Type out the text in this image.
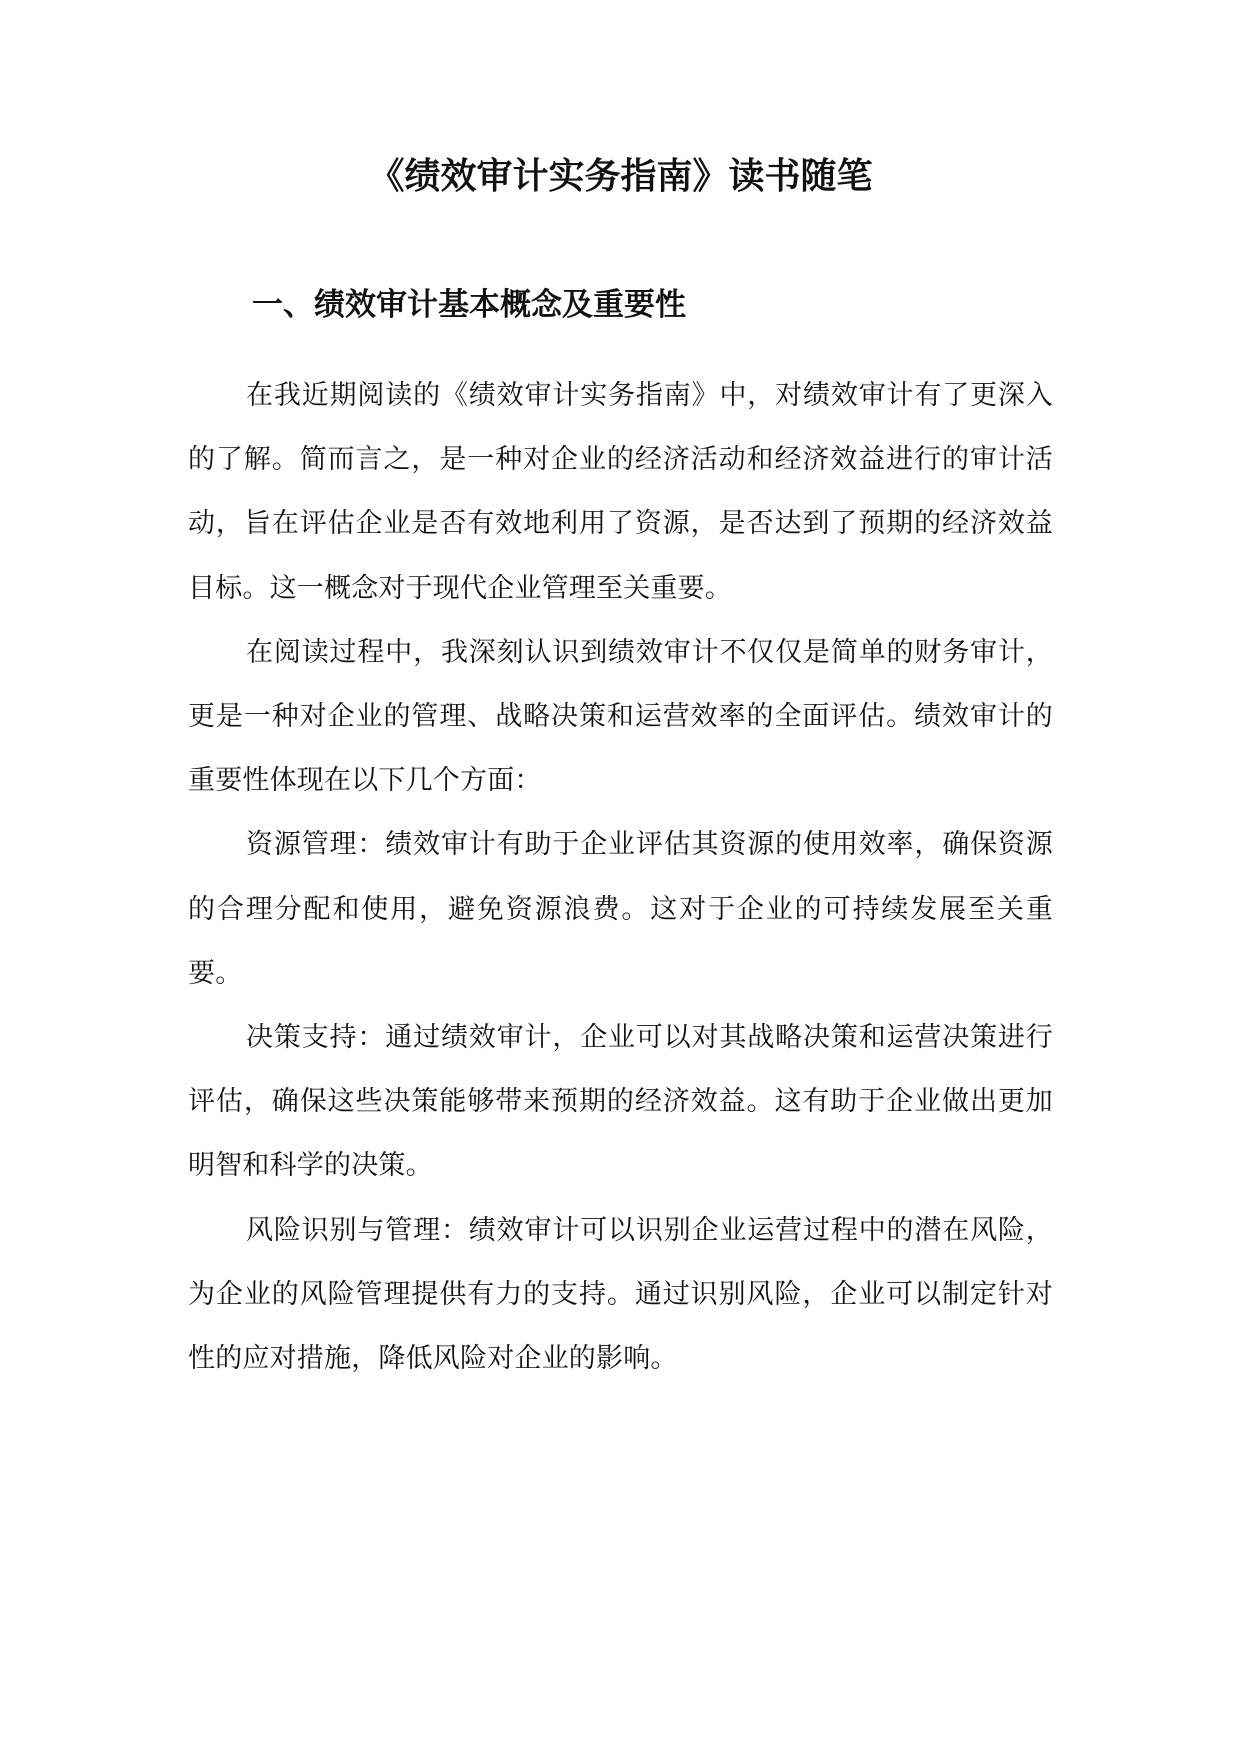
《绩效审计实务指南》读书随笔
一、绩效审计基本概念及重要性

在我近期阅读的《绩效审计实务指南》中，对绩效审计有了更深入的了解。简而言之，是一种对企业的经济活动和经济效益进行的审计活动，旨在评估企业是否有效地利用了资源，是否达到了预期的经济效益目标。这一概念对于现代企业管理至关重要。

在阅读过程中，我深刻认识到绩效审计不仅仅是简单的财务审计，更是一种对企业的管理、战略决策和运营效率的全面评估。绩效审计的重要性体现在以下几个方面：

资源管理：绩效审计有助于企业评估其资源的使用效率，确保资源的合理分配和使用，避免资源浪费。这对于企业的可持续发展至关重要。

决策支持：通过绩效审计，企业可以对其战略决策和运营决策进行评估，确保这些决策能够带来预期的经济效益。这有助于企业做出更加明智和科学的决策。

风险识别与管理：绩效审计可以识别企业运营过程中的潜在风险，为企业的风险管理提供有力的支持。通过识别风险，企业可以制定针对性的应对措施，降低风险对企业的影响。
